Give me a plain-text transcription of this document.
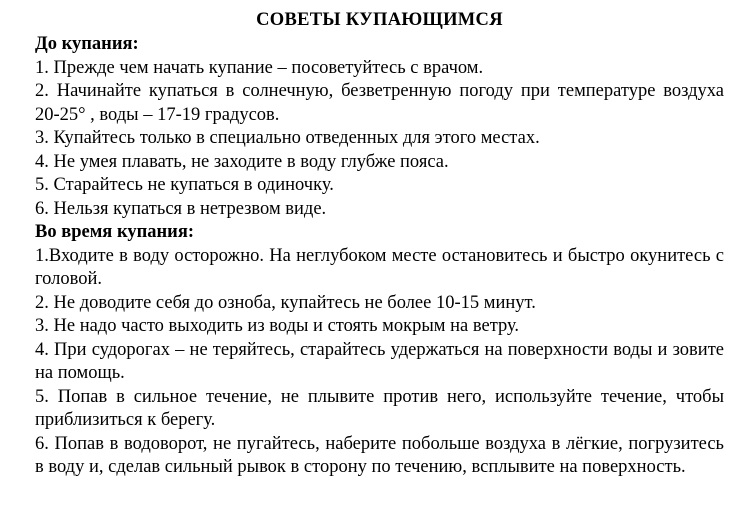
СОВЕТЫ КУПАЮЩИМСЯ
До купания:
1. Прежде чем начать купание – посоветуйтесь с врачом.
2. Начинайте купаться в солнечную, безветренную погоду при температуре воздуха 20-25° , воды – 17-19 градусов.
3. Купайтесь только в специально отведенных для этого местах.
4. Не умея плавать, не заходите в воду глубже пояса.
5. Старайтесь не купаться в одиночку.
6. Нельзя купаться в нетрезвом виде.
Во время купания:
1.Входите в воду осторожно. На неглубоком месте остановитесь и быстро окунитесь с головой.
2. Не доводите себя до озноба, купайтесь не более 10-15 минут.
3. Не надо часто выходить из воды и стоять мокрым на ветру.
4. При судорогах – не теряйтесь, старайтесь удержаться на поверхности воды и зовите на помощь.
5. Попав в сильное течение, не плывите против него, используйте течение, чтобы приблизиться к берегу.
6. Попав в водоворот, не пугайтесь, наберите побольше воздуха в лёгкие, погрузитесь в воду и, сделав сильный рывок в сторону по течению, всплывите на поверхность.
